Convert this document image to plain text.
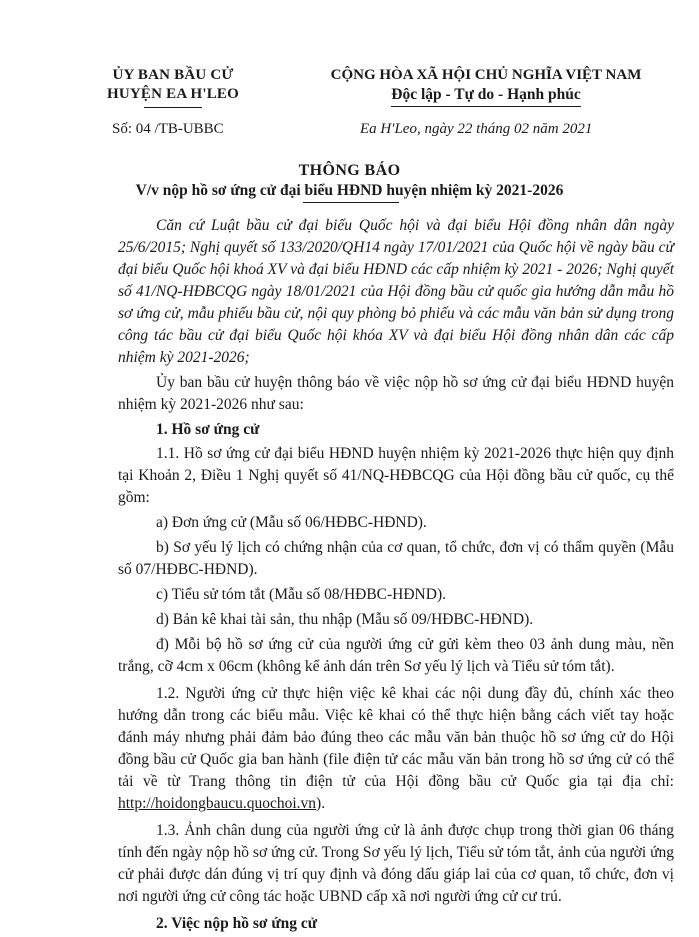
ỦY BAN BẦU CỬ
HUYỆN EA H'LEO
CỘNG HÒA XÃ HỘI CHỦ NGHĨA VIỆT NAM
Độc lập - Tự do - Hạnh phúc
Số: 04 /TB-UBBC	Ea H'Leo, ngày 22 tháng 02 năm 2021
THÔNG BÁO
V/v nộp hồ sơ ứng cử đại biểu HĐND huyện nhiệm kỳ 2021-2026

Căn cứ Luật bầu cử đại biểu Quốc hội và đại biểu Hội đồng nhân dân ngày 25/6/2015; Nghị quyết số 133/2020/QH14 ngày 17/01/2021 của Quốc hội về ngày bầu cử đại biểu Quốc hội khoá XV và đại biểu HĐND các cấp nhiệm kỳ 2021 - 2026; Nghị quyết số 41/NQ-HĐBCQG ngày 18/01/2021 của Hội đồng bầu cử quốc gia hướng dẫn mẫu hồ sơ ứng cử, mẫu phiếu bầu cử, nội quy phòng bỏ phiếu và các mẫu văn bản sử dụng trong công tác bầu cử đại biểu Quốc hội khóa XV và đại biểu Hội đồng nhân dân các cấp nhiệm kỳ 2021-2026;

Ủy ban bầu cử huyện thông báo về việc nộp hồ sơ ứng cử đại biểu HĐND huyện nhiệm kỳ 2021-2026 như sau:

1. Hồ sơ ứng cử

1.1. Hồ sơ ứng cử đại biểu HĐND huyện nhiệm kỳ 2021-2026 thực hiện quy định tại Khoản 2, Điều 1 Nghị quyết số 41/NQ-HĐBCQG của Hội đồng bầu cử quốc, cụ thể gồm:

a) Đơn ứng cử (Mẫu số 06/HĐBC-HĐND).

b) Sơ yếu lý lịch có chứng nhận của cơ quan, tổ chức, đơn vị có thẩm quyền (Mẫu số 07/HĐBC-HĐND).

c) Tiểu sử tóm tắt (Mẫu số 08/HĐBC-HĐND).

d) Bản kê khai tài sản, thu nhập (Mẫu số 09/HĐBC-HĐND).

đ) Mỗi bộ hồ sơ ứng cử của người ứng cử gửi kèm theo 03 ảnh dung màu, nền trắng, cỡ 4cm x 06cm (không kể ảnh dán trên Sơ yếu lý lịch và Tiểu sử tóm tắt).

1.2. Người ứng cử thực hiện việc kê khai các nội dung đầy đủ, chính xác theo hướng dẫn trong các biểu mẫu. Việc kê khai có thể thực hiện bằng cách viết tay hoặc đánh máy nhưng phải đảm bảo đúng theo các mẫu văn bản thuộc hồ sơ ứng cử do Hội đồng bầu cử Quốc gia ban hành (file điện tử các mẫu văn bản trong hồ sơ ứng cử có thể tải về từ Trang thông tin điện tử của Hội đồng bầu cử Quốc gia tại địa chỉ: http://hoidongbaucu.quochoi.vn).

1.3. Ảnh chân dung của người ứng cử là ảnh được chụp trong thời gian 06 tháng tính đến ngày nộp hồ sơ ứng cử. Trong Sơ yếu lý lịch, Tiểu sử tóm tắt, ảnh của người ứng cử phải được dán đúng vị trí quy định và đóng dấu giáp lai của cơ quan, tổ chức, đơn vị nơi người ứng cử công tác hoặc UBND cấp xã nơi người ứng cử cư trú.

2. Việc nộp hồ sơ ứng cử
